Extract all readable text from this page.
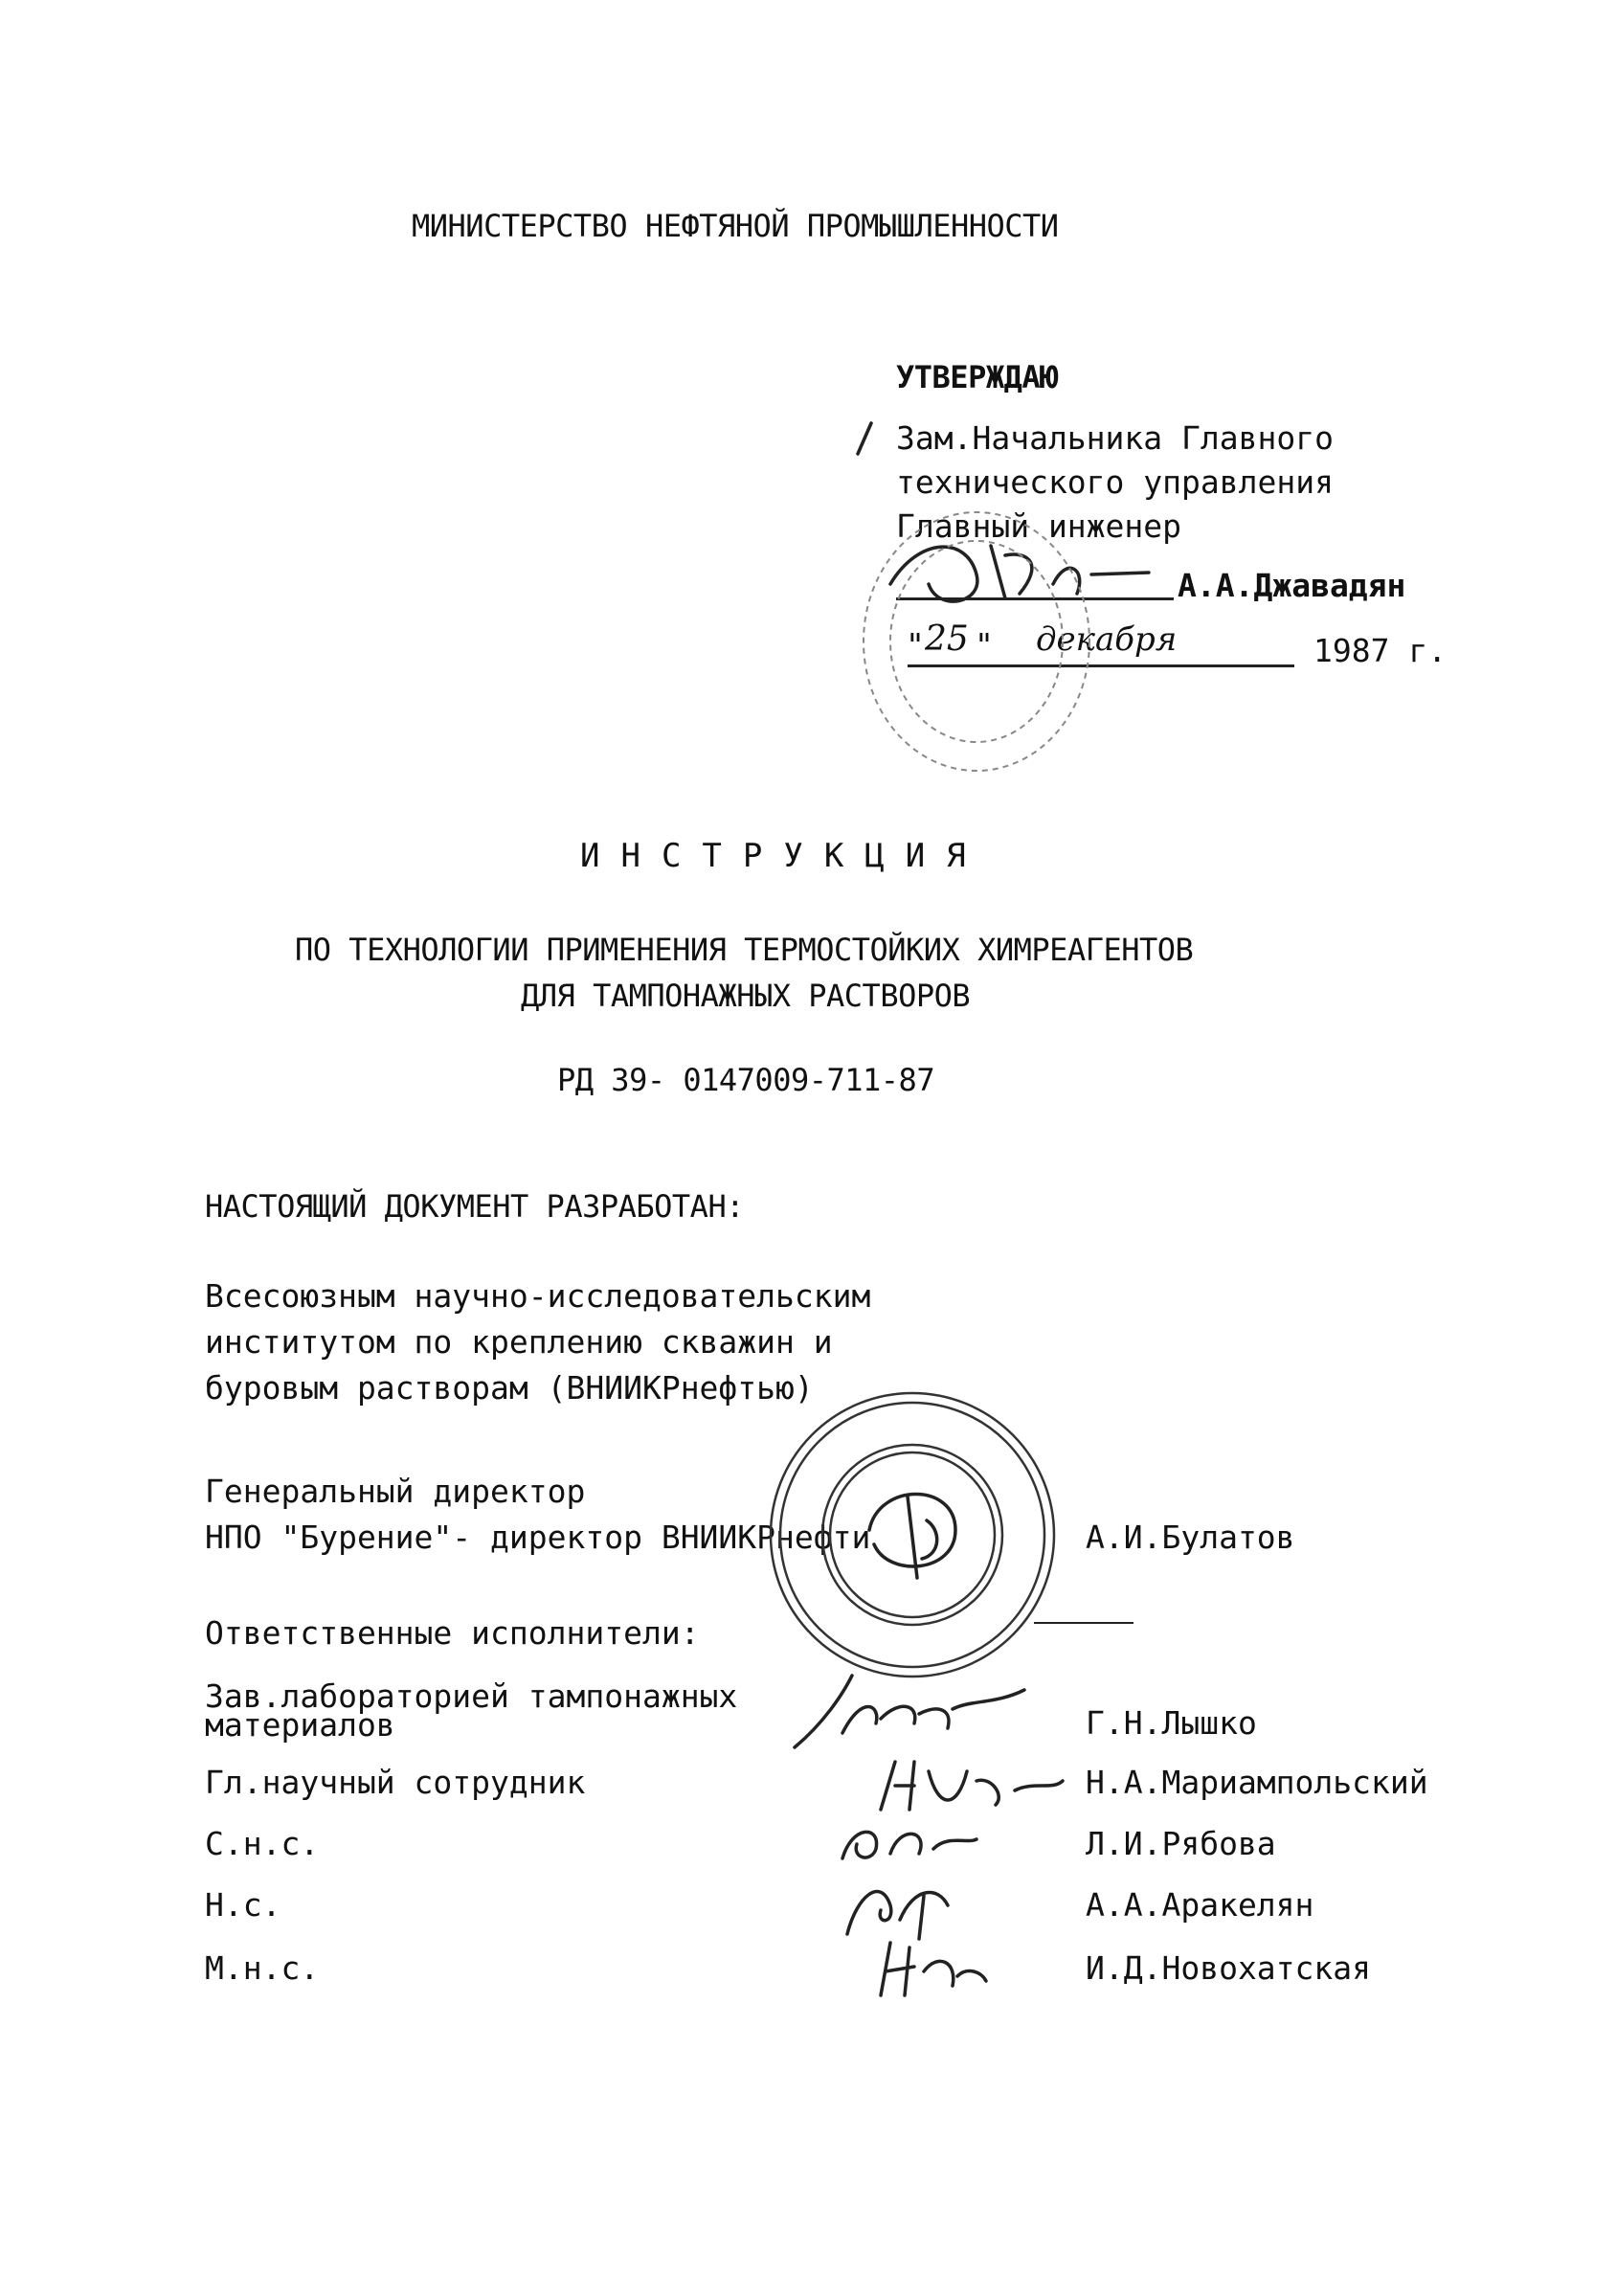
МИНИСТЕРСТВО НЕФТЯНОЙ ПРОМЫШЛЕННОСТИ
УТВЕРЖДАЮ
Зам.Начальника Главного
технического управления
Главный инженер
А.А.Джавадян
" 25 " декабря	1987 г.
ИНСТРУКЦИЯ
ПО ТЕХНОЛОГИИ ПРИМЕНЕНИЯ ТЕРМОСТОЙКИХ ХИМРЕАГЕНТОВ
ДЛЯ ТАМПОНАЖНЫХ РАСТВОРОВ
РД 39- 0147009-711-87
НАСТОЯЩИЙ ДОКУМЕНТ РАЗРАБОТАН:
Всесоюзным научно-исследовательским
институтом по креплению скважин и
буровым растворам (ВНИИКРнефтью)
Генеральный директор
НПО "Бурение"- директор ВНИИКРнефти	А.И.Булатов
Ответственные исполнители:
Зав.лабораторией тампонажных
материалов	Г.Н.Лышко
Гл.научный сотрудник	Н.А.Мариампольский
С.н.с.	Л.И.Рябова
Н.с.	А.А.Аракелян
М.н.с.	И.Д.Новохатская
